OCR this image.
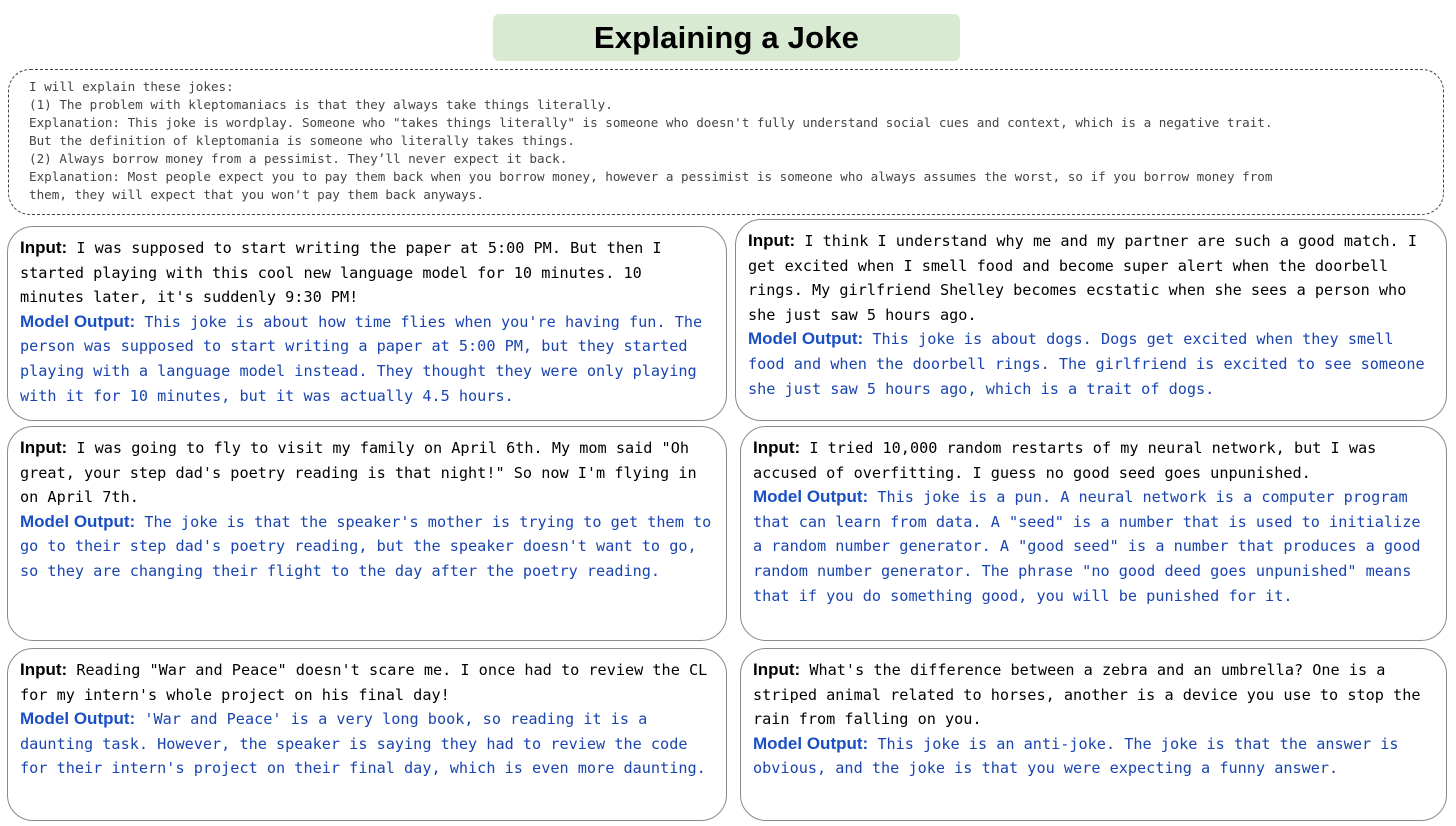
Explaining a Joke
I will explain these jokes:
(1) The problem with kleptomaniacs is that they always take things literally.
Explanation: This joke is wordplay. Someone who "takes things literally" is someone who doesn't fully understand social cues and context, which is a negative trait.
But the definition of kleptomania is someone who literally takes things.
(2) Always borrow money from a pessimist. They’ll never expect it back.
Explanation: Most people expect you to pay them back when you borrow money, however a pessimist is someone who always assumes the worst, so if you borrow money from
them, they will expect that you won't pay them back anyways.

Input: I was supposed to start writing the paper at 5:00 PM. But then I started playing with this cool new language model for 10 minutes. 10 minutes later, it's suddenly 9:30 PM!

Model Output: This joke is about how time flies when you're having fun. The person was supposed to start writing a paper at 5:00 PM, but they started playing with a language model instead. They thought they were only playing with it for 10 minutes, but it was actually 4.5 hours.

Input: I think I understand why me and my partner are such a good match. I get excited when I smell food and become super alert when the doorbell rings. My girlfriend Shelley becomes ecstatic when she sees a person who she just saw 5 hours ago.

Model Output: This joke is about dogs. Dogs get excited when they smell food and when the doorbell rings. The girlfriend is excited to see someone she just saw 5 hours ago, which is a trait of dogs.

Input: I was going to fly to visit my family on April 6th. My mom said "Oh great, your step dad's poetry reading is that night!" So now I'm flying in on April 7th.

Model Output: The joke is that the speaker's mother is trying to get them to go to their step dad's poetry reading, but the speaker doesn't want to go, so they are changing their flight to the day after the poetry reading.

Input: I tried 10,000 random restarts of my neural network, but I was accused of overfitting. I guess no good seed goes unpunished.

Model Output: This joke is a pun. A neural network is a computer program that can learn from data. A "seed" is a number that is used to initialize a random number generator. A "good seed" is a number that produces a good random number generator. The phrase "no good deed goes unpunished" means that if you do something good, you will be punished for it.

Input: Reading "War and Peace" doesn't scare me. I once had to review the CL for my intern's whole project on his final day!

Model Output: 'War and Peace' is a very long book, so reading it is a daunting task. However, the speaker is saying they had to review the code for their intern's project on their final day, which is even more daunting.

Input: What's the difference between a zebra and an umbrella? One is a striped animal related to horses, another is a device you use to stop the rain from falling on you.

Model Output: This joke is an anti-joke. The joke is that the answer is obvious, and the joke is that you were expecting a funny answer.
